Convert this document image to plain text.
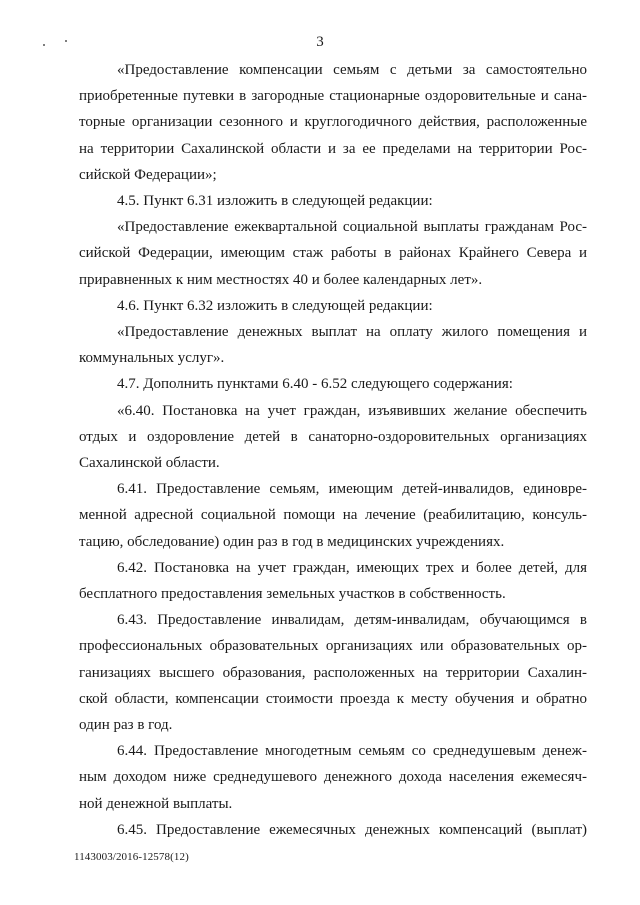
3

«Предоставление компенсации семьям с детьми за самостоятельно
приобретенные путевки в загородные стационарные оздоровительные и сана-
торные организации сезонного и круглогодичного действия, расположенные
на территории Сахалинской области и за ее пределами на территории Рос-
сийской Федерации»;

4.5. Пункт 6.31 изложить в следующей редакции:

«Предоставление ежеквартальной социальной выплаты гражданам Рос-
сийской Федерации, имеющим стаж работы в районах Крайнего Севера и
приравненных к ним местностях 40 и более календарных лет».

4.6. Пункт 6.32 изложить в следующей редакции:

«Предоставление денежных выплат на оплату жилого помещения и
коммунальных услуг».

4.7. Дополнить пунктами 6.40 - 6.52 следующего содержания:

«6.40. Постановка на учет граждан, изъявивших желание обеспечить
отдых и оздоровление детей в санаторно-оздоровительных организациях
Сахалинской области.

6.41. Предоставление семьям, имеющим детей-инвалидов, единовре-
менной адресной социальной помощи на лечение (реабилитацию, консуль-
тацию, обследование) один раз в год в медицинских учреждениях.

6.42. Постановка на учет граждан, имеющих трех и более детей, для
бесплатного предоставления земельных участков в собственность.

6.43. Предоставление инвалидам, детям-инвалидам, обучающимся в
профессиональных образовательных организациях или образовательных ор-
ганизациях высшего образования, расположенных на территории Сахалин-
ской области, компенсации стоимости проезда к месту обучения и обратно
один раз в год.

6.44. Предоставление многодетным семьям со среднедушевым денеж-
ным доходом ниже среднедушевого денежного дохода населения ежемесяч-
ной денежной выплаты.

6.45. Предоставление ежемесячных денежных компенсаций (выплат)

1143003/2016-12578(12)
